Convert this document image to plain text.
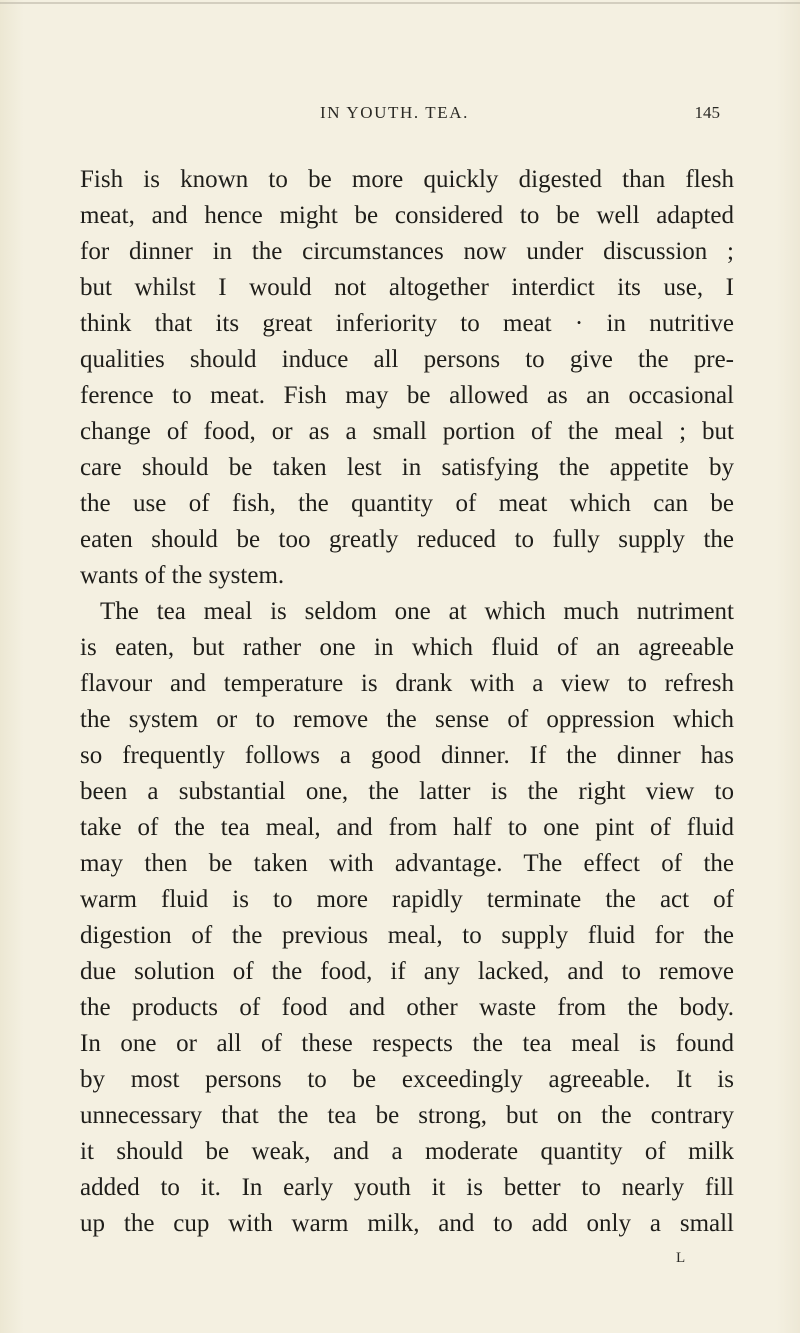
IN YOUTH. TEA.	145
Fish is known to be more quickly digested than flesh
meat, and hence might be considered to be well adapted
for dinner in the circumstances now under discussion ;
but whilst I would not altogether interdict its use, I
think that its great inferiority to meat · in nutritive
qualities should induce all persons to give the pre-
ference to meat. Fish may be allowed as an occasional
change of food, or as a small portion of the meal ; but
care should be taken lest in satisfying the appetite by
the use of fish, the quantity of meat which can be
eaten should be too greatly reduced to fully supply the
wants of the system.
The tea meal is seldom one at which much nutriment
is eaten, but rather one in which fluid of an agreeable
flavour and temperature is drank with a view to refresh
the system or to remove the sense of oppression which
so frequently follows a good dinner. If the dinner has
been a substantial one, the latter is the right view to
take of the tea meal, and from half to one pint of fluid
may then be taken with advantage. The effect of the
warm fluid is to more rapidly terminate the act of
digestion of the previous meal, to supply fluid for the
due solution of the food, if any lacked, and to remove
the products of food and other waste from the body.
In one or all of these respects the tea meal is found
by most persons to be exceedingly agreeable. It is
unnecessary that the tea be strong, but on the contrary
it should be weak, and a moderate quantity of milk
added to it. In early youth it is better to nearly fill
up the cup with warm milk, and to add only a small
L
